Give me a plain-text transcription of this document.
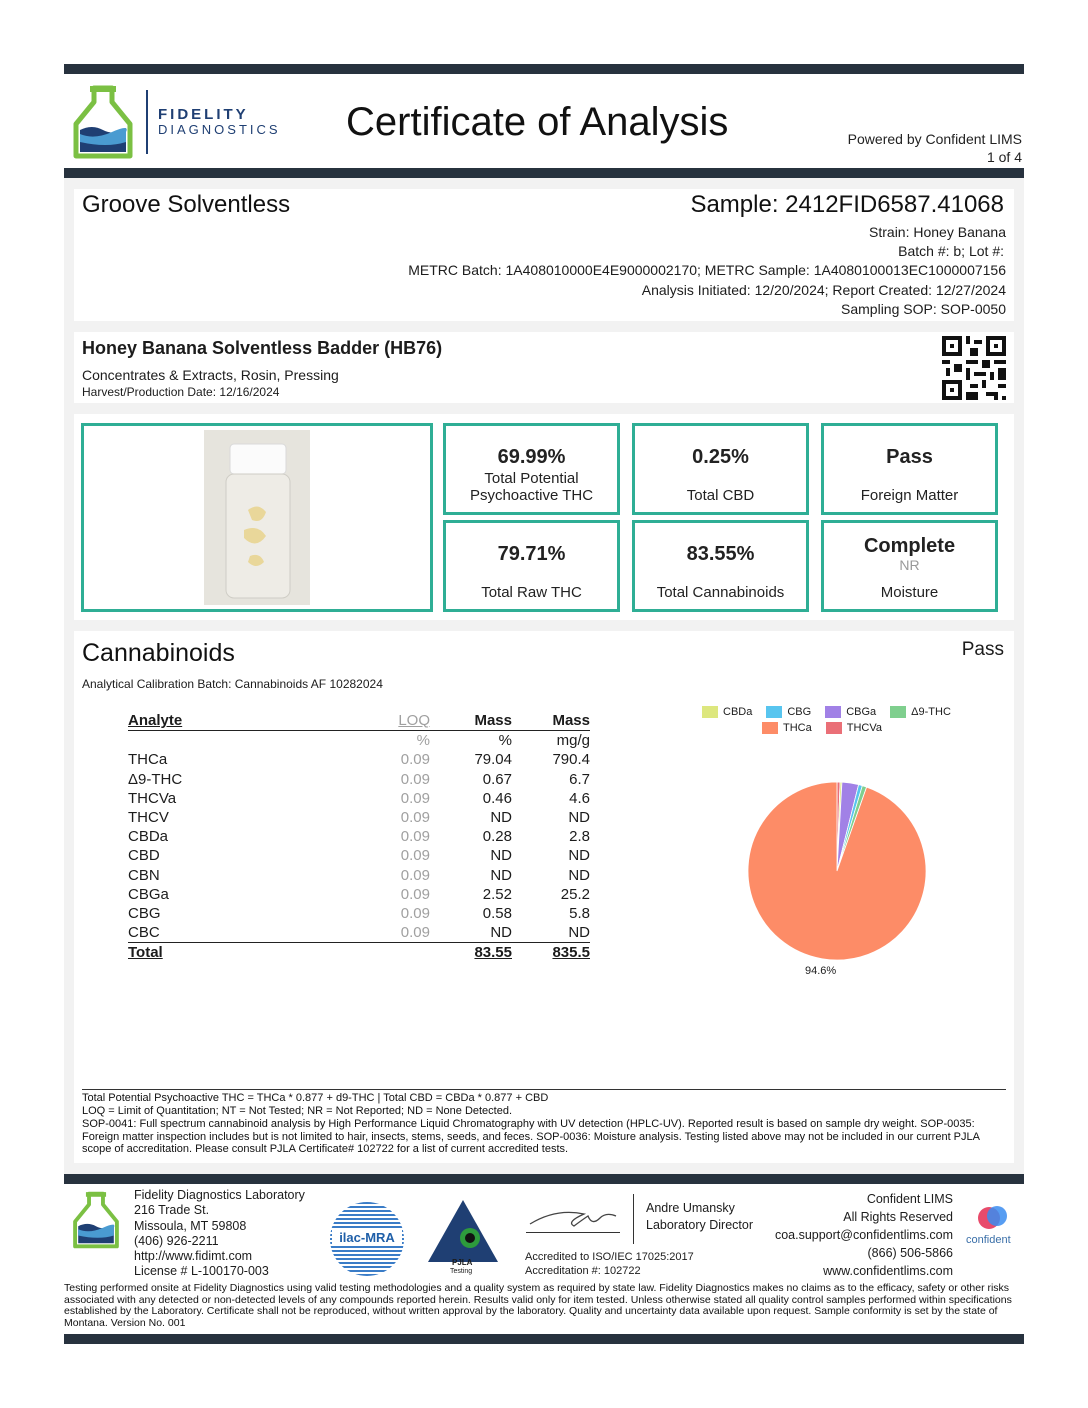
FIDELITY
DIAGNOSTICS Certificate of Analysis	Powered by Confident LIMS
1 of 4
Groove Solventless	Sample: 2412FID6587.41068
Strain: Honey Banana
Batch #: b; Lot #:
METRC Batch: 1A408010000E4E9000002170; METRC Sample: 1A4080100013EC1000007156
Analysis Initiated: 12/20/2024; Report Created: 12/27/2024
Sampling SOP: SOP-0050
Honey Banana Solventless Badder (HB76)
Concentrates & Extracts, Rosin, Pressing
Harvest/Production Date: 12/16/2024
69.99%
Total Potential
Psychoactive THC
0.25%
Total CBD
Pass
Foreign Matter
79.71%
Total Raw THC
83.55%
Total Cannabinoids
Complete
NR
Moisture
Cannabinoids	Pass
Analytical Calibration Batch: Cannabinoids AF 10282024
Analyte	LOQ	Mass	Mass
	%	%	mg/g
THCa	0.09	79.04	790.4
Δ9-THC	0.09	0.67	6.7
THCVa	0.09	0.46	4.6
THCV	0.09	ND	ND
CBDa	0.09	0.28	2.8
CBD	0.09	ND	ND
CBN	0.09	ND	ND
CBGa	0.09	2.52	25.2
CBG	0.09	0.58	5.8
CBC	0.09	ND	ND
Total		83.55	835.5
CBDa	CBG	CBGa	Δ9-THC
THCa	THCVa
94.6%
Total Potential Psychoactive THC = THCa * 0.877 + d9-THC | Total CBD = CBDa * 0.877 + CBD
LOQ = Limit of Quantitation; NT = Not Tested; NR = Not Reported; ND = None Detected.
SOP-0041: Full spectrum cannabinoid analysis by High Performance Liquid Chromatography with UV detection (HPLC-UV). Reported result is based on sample dry weight. SOP-0035: Foreign matter inspection includes but is not limited to hair, insects, stems, seeds, and feces. SOP-0036: Moisture analysis. Testing listed above may not be included in our current PJLA scope of accreditation. Please consult PJLA Certificate# 102722 for a list of current accredited tests.
Fidelity Diagnostics Laboratory
216 Trade St.
Missoula, MT 59808
(406) 926-2211
http://www.fidimt.com
License # L-100170-003
ilac-MRA
PJLA
Testing
Andre Umansky
Laboratory Director
Accredited to ISO/IEC 17025:2017
Accreditation #: 102722
Confident LIMS
All Rights Reserved
coa.support@confidentlims.com
(866) 506-5866
www.confidentlims.com
confident
Testing performed onsite at Fidelity Diagnostics using valid testing methodologies and a quality system as required by state law. Fidelity Diagnostics makes no claims as to the efficacy, safety or other risks associated with any detected or non-detected levels of any compounds reported herein. Results valid only for item tested. Unless otherwise stated all quality control samples performed within specifications established by the Laboratory. Certificate shall not be reproduced, without written approval by the laboratory. Quality and uncertainty data available upon request. Sample conformity is set by the state of Montana. Version No. 001
